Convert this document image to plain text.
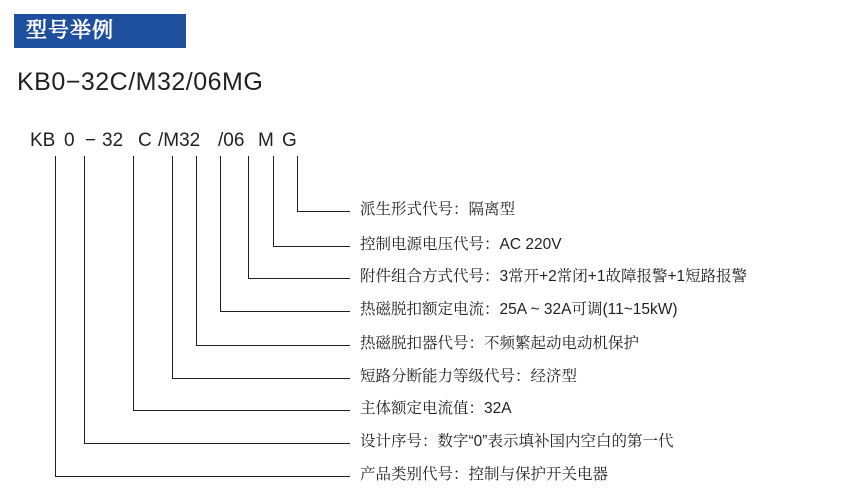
型号举例
KB0−32C/M32/06MG
KB 0 − 32 C /M32 /06 M G
派生形式代号：隔离型
控制电源电压代号：AC 220V
附件组合方式代号：3常开+2常闭+1故障报警+1短路报警
热磁脱扣额定电流：25A ~ 32A可调(11~15kW)
热磁脱扣器代号：不频繁起动电动机保护
短路分断能力等级代号：经济型
主体额定电流值：32A
设计序号：数字“0”表示填补国内空白的第一代
产品类别代号：控制与保护开关电器
